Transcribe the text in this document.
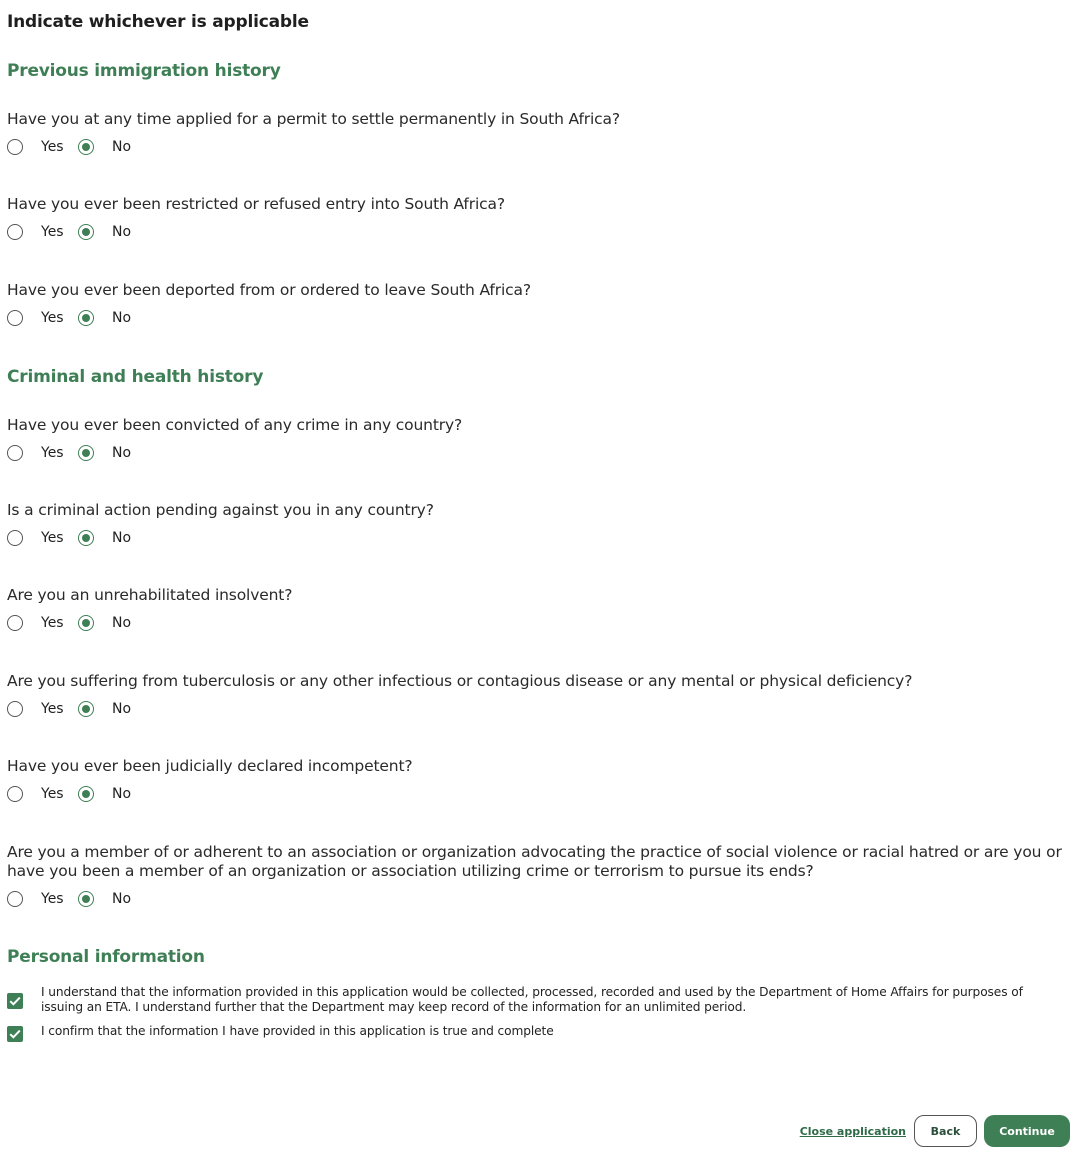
Indicate whichever is applicable
Previous immigration history
Have you at any time applied for a permit to settle permanently in South Africa?
Yes	No
Have you ever been restricted or refused entry into South Africa?
Yes	No
Have you ever been deported from or ordered to leave South Africa?
Yes	No
Criminal and health history
Have you ever been convicted of any crime in any country?
Yes	No
Is a criminal action pending against you in any country?
Yes	No
Are you an unrehabilitated insolvent?
Yes	No
Are you suffering from tuberculosis or any other infectious or contagious disease or any mental or physical deficiency?
Yes	No
Have you ever been judicially declared incompetent?
Yes	No
Are you a member of or adherent to an association or organization advocating the practice of social violence or racial hatred or are you or have you been a member of an organization or association utilizing crime or terrorism to pursue its ends?
Yes	No
Personal information
I understand that the information provided in this application would be collected, processed, recorded and used by the Department of Home Affairs for purposes of issuing an ETA. I understand further that the Department may keep record of the information for an unlimited period.
I confirm that the information I have provided in this application is true and complete
Close application	Back	Continue
